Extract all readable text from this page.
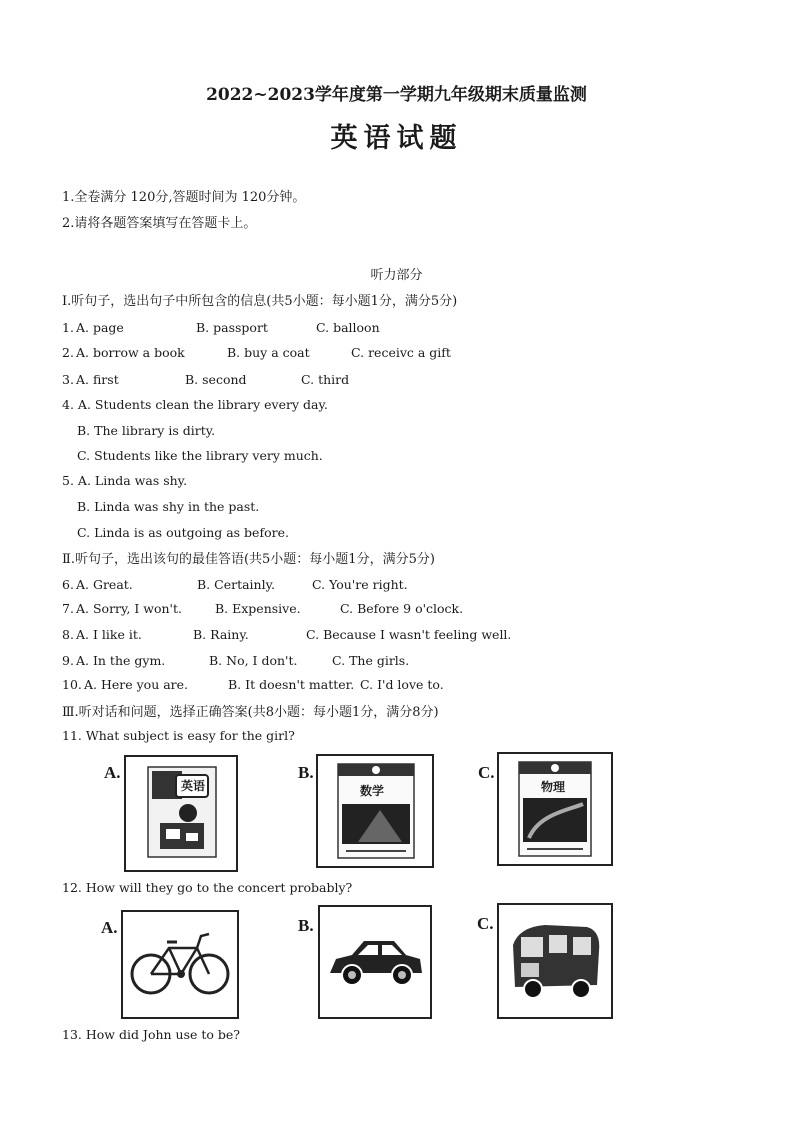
2022~2023学年度第一学期九年级期末质量监测
英语试题
1.全卷满分 120分,答题时间为 120分钟。
2.请将各题答案填写在答题卡上。
听力部分
Ⅰ.听句子，选出句子中所包含的信息(共5小题：每小题1分，满分5分)
1. A. page	B. passport	C. balloon
2. A. borrow a book	B. buy a coat	C. receivc a gift
3. A. first	B. second	C. third
4. A. Students clean the library every day.
B. The library is dirty.
C. Students like the library very much.
5. A. Linda was shy.
B. Linda was shy in the past.
C. Linda is as outgoing as before.
Ⅱ.听句子，选出该句的最佳答语(共5小题：每小题1分，满分5分)
6. A. Great.	B. Certainly.	C. You're right.
7. A. Sorry, I won't.	B. Expensive.	C. Before 9 o'clock.
8. A. I like it.	B. Rainy.	C. Because I wasn't feeling well.
9. A. In the gym.	B. No, I don't.	C. The girls.
10. A. Here you are.	B. It doesn't matter. C. I'd love to.
Ⅲ.听对话和问题，选择正确答案(共8小题：每小题1分，满分8分)
11. What subject is easy for the girl?
A.
英语
B.
数学
C.
物理
12. How will they go to the concert probably?
A.	B.	C.
13. How did John use to be?
